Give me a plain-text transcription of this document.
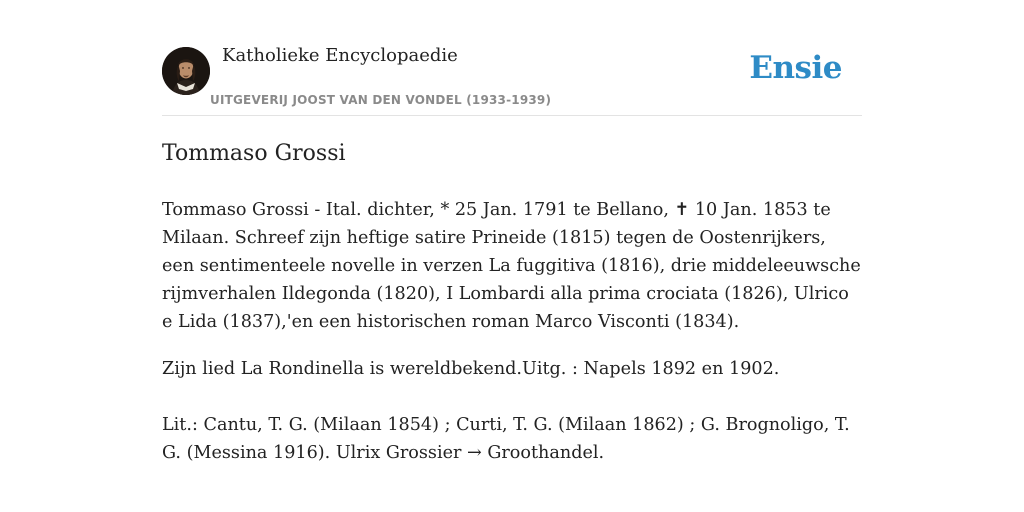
Katholieke Encyclopaedie
UITGEVERIJ JOOST VAN DEN VONDEL (1933-1939)
Ensie
Tommaso Grossi

Tommaso Grossi - Ital. dichter, * 25 Jan. 1791 te Bellano, ✝ 10 Jan. 1853 te Milaan. Schreef zijn heftige satire Prineide (1815) tegen de Oostenrijkers, een sentimenteele novelle in verzen La fuggitiva (1816), drie middeleeuwsche rijmverhalen Ildegonda (1820), I Lombardi alla prima crociata (1826), Ulrico e Lida (1837),'en een historischen roman Marco Visconti (1834).

Zijn lied La Rondinella is wereldbekend.Uitg. : Napels 1892 en 1902.

Lit.: Cantu, T. G. (Milaan 1854) ; Curti, T. G. (Milaan 1862) ; G. Brognoligo, T. G. (Messina 1916). Ulrix Grossier → Groothandel.
